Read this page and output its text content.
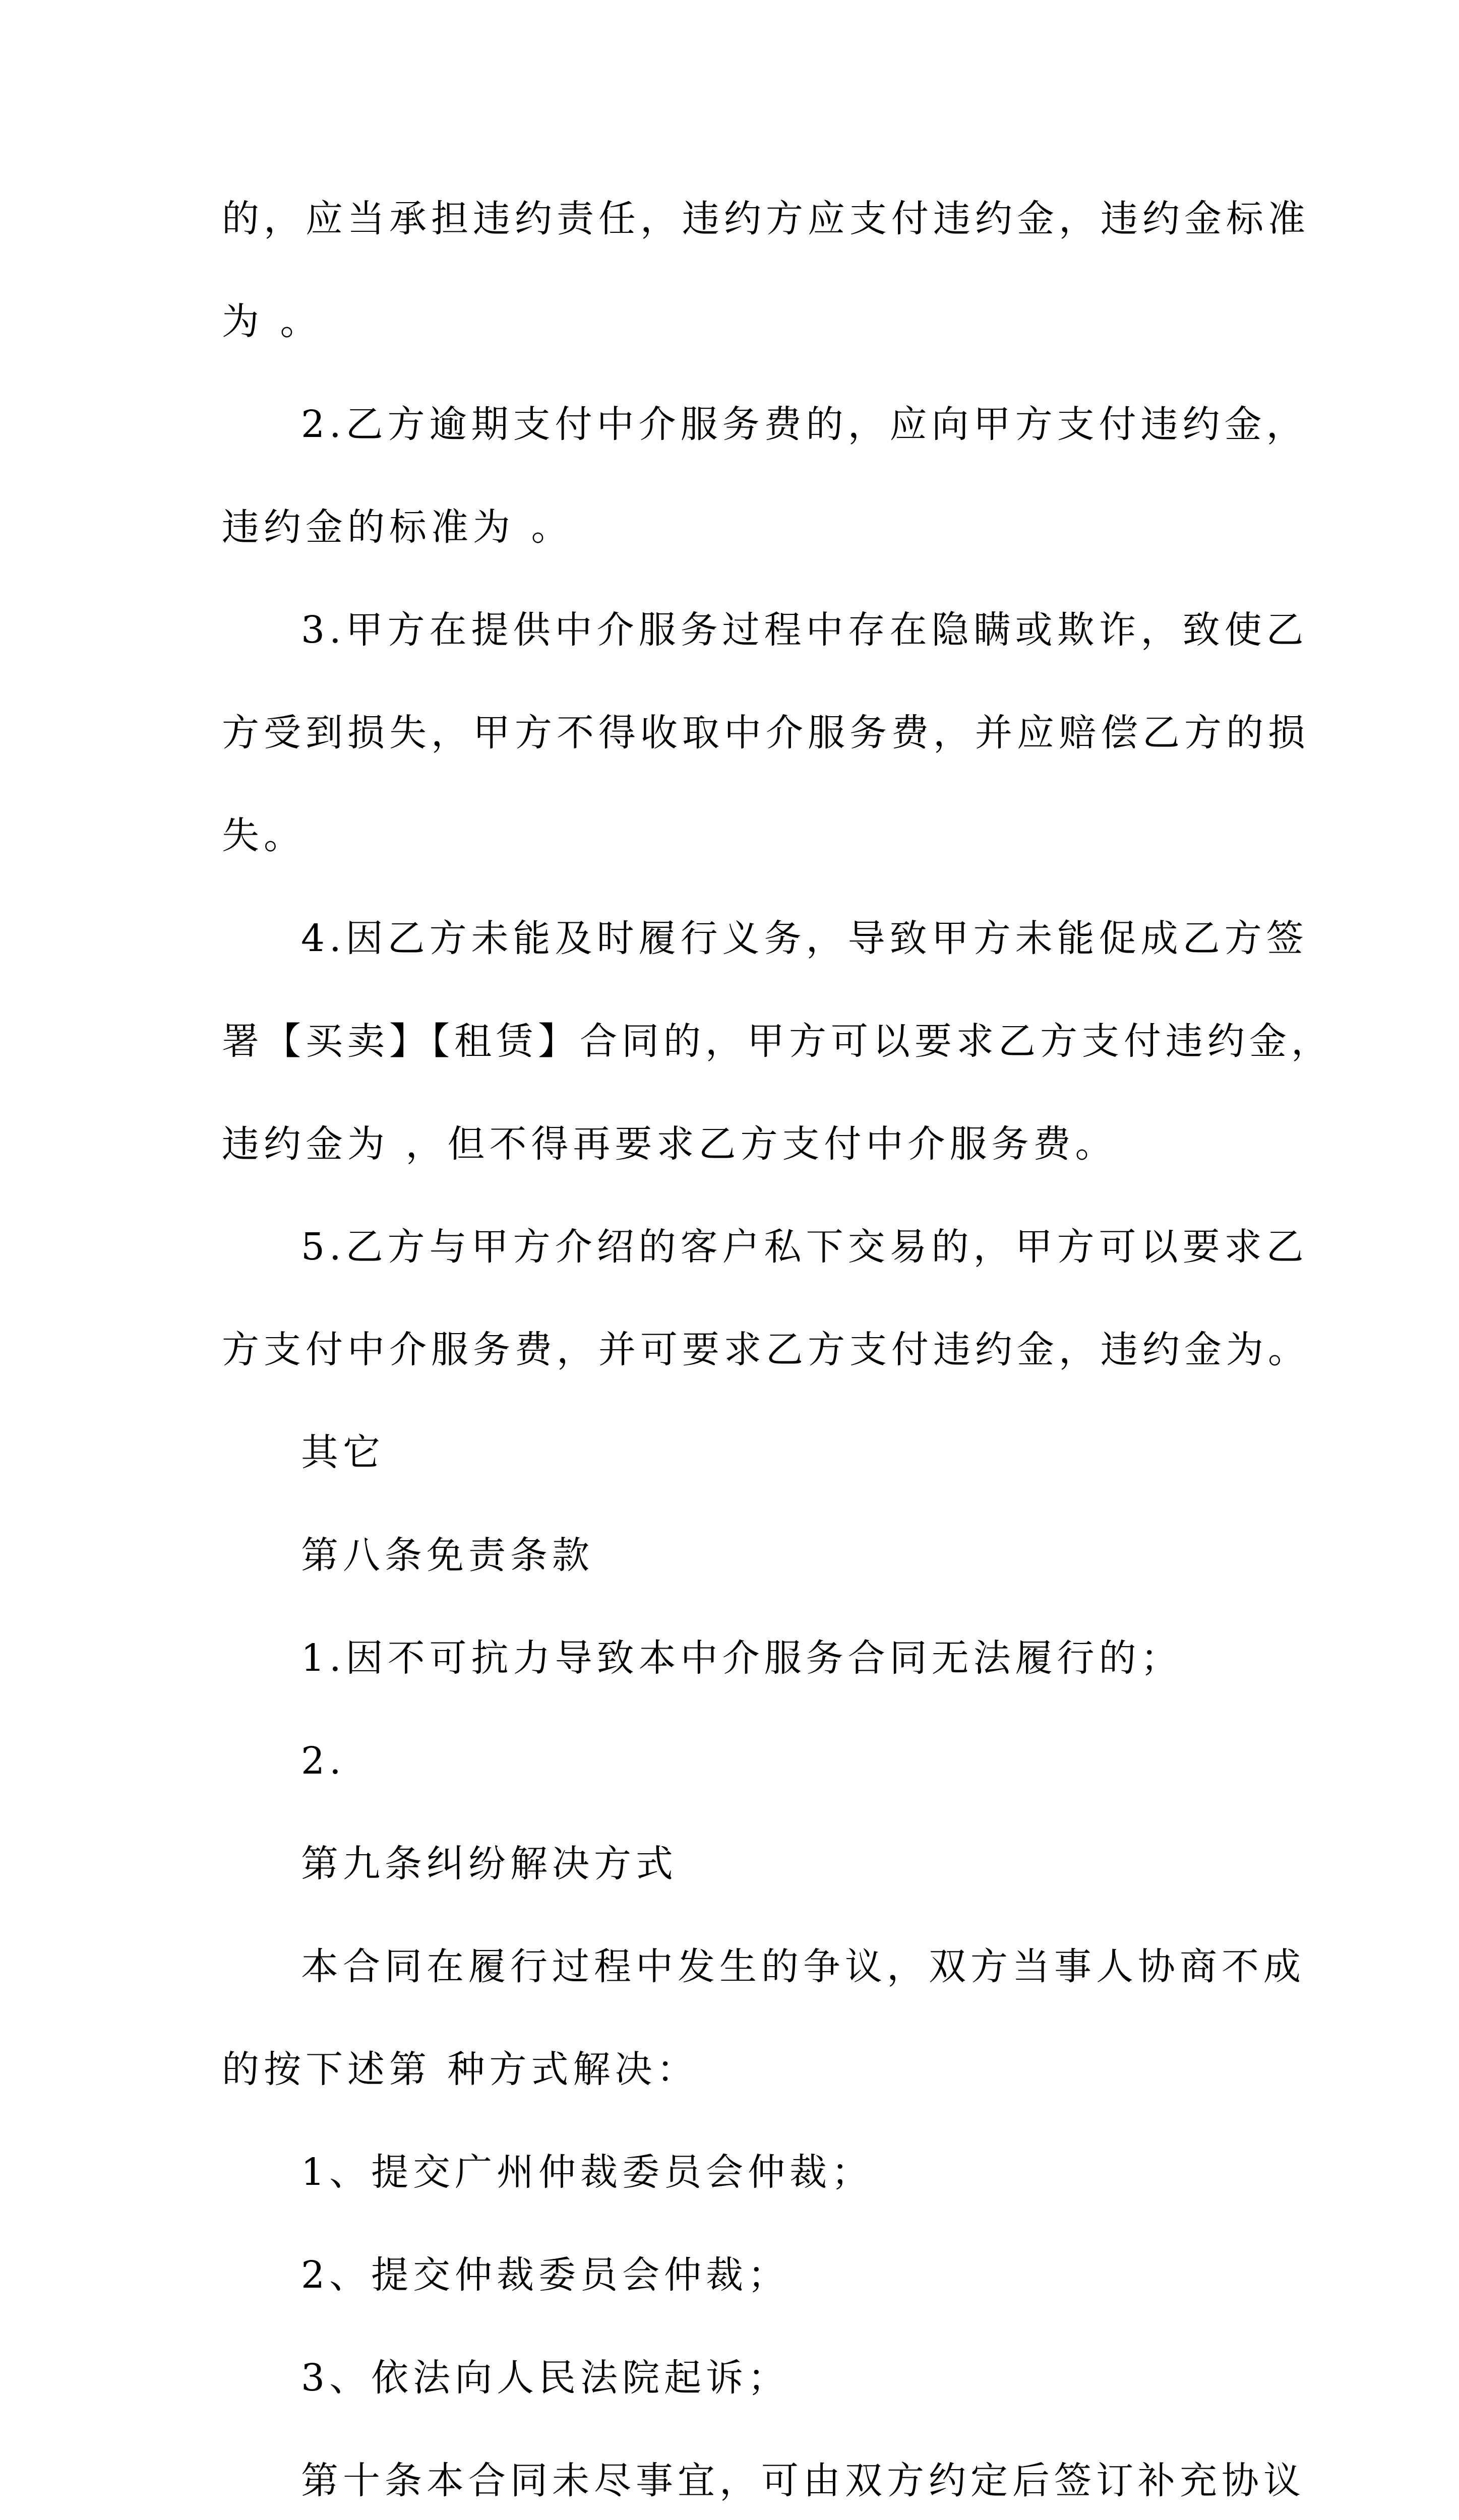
的，应当承担违约责任，违约方应支付违约金，违约金标准
为 。
2.乙方逾期支付中介服务费的，应向甲方支付违约金，
违约金的标准为 。
3.甲方在提供中介服务过程中存在隐瞒或欺诈，致使乙
方受到损失，甲方不得收取中介服务费，并应赔偿乙方的损
失。
4.因乙方未能及时履行义务，导致甲方未能促成乙方签
署【买卖】【租赁】合同的，甲方可以要求乙方支付违约金，
违约金为 ，但不得再要求乙方支付中介服务费。
5.乙方与甲方介绍的客户私下交易的，甲方可以要求乙
方支付中介服务费，并可要求乙方支付违约金，违约金为。
其它
第八条免责条款
1.因不可抗力导致本中介服务合同无法履行的；
2.
第九条纠纷解决方式
本合同在履行过程中发生的争议，双方当事人协商不成
的按下述第 种方式解决：
1、提交广州仲裁委员会仲裁；
2、提交仲裁委员会仲裁；
3、依法向人民法院起诉；
第十条本合同未尽事宜，可由双方约定后签订补充协议
